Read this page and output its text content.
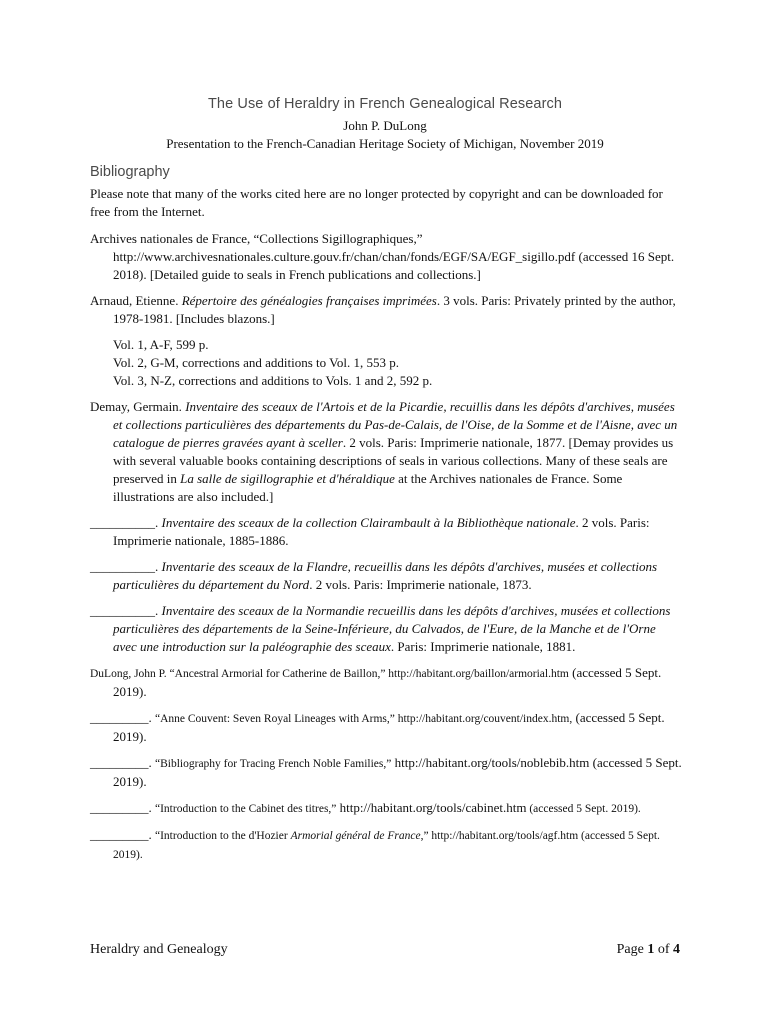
The Use of Heraldry in French Genealogical Research
John P. DuLong
Presentation to the French-Canadian Heritage Society of Michigan, November 2019
Bibliography

Please note that many of the works cited here are no longer protected by copyright and can be downloaded for free from the Internet.

Archives nationales de France, “Collections Sigillographiques,” http://www.archivesnationales.culture.gouv.fr/chan/chan/fonds/EGF/SA/EGF_sigillo.pdf (accessed 16 Sept. 2018). [Detailed guide to seals in French publications and collections.]

Arnaud, Etienne. Répertoire des généalogies françaises imprimées. 3 vols. Paris: Privately printed by the author, 1978-1981. [Includes blazons.]

Vol. 1, A-F, 599 p.
Vol. 2, G-M, corrections and additions to Vol. 1, 553 p.
Vol. 3, N-Z, corrections and additions to Vols. 1 and 2, 592 p.

Demay, Germain. Inventaire des sceaux de l'Artois et de la Picardie, recuillis dans les dépôts d'archives, musées et collections particulières des départements du Pas-de-Calais, de l'Oise, de la Somme et de l'Aisne, avec un catalogue de pierres gravées ayant à sceller. 2 vols. Paris: Imprimerie nationale, 1877. [Demay provides us with several valuable books containing descriptions of seals in various collections. Many of these seals are preserved in La salle de sigillographie et d'héraldique at the Archives nationales de France. Some illustrations are also included.]

__________. Inventaire des sceaux de la collection Clairambault à la Bibliothèque nationale. 2 vols. Paris: Imprimerie nationale, 1885-1886.

__________. Inventarie des sceaux de la Flandre, recueillis dans les dépôts d'archives, musées et collections particulières du département du Nord. 2 vols. Paris: Imprimerie nationale, 1873.

__________. Inventaire des sceaux de la Normandie recueillis dans les dépôts d'archives, musées et collections particulières des départements de la Seine-Inférieure, du Calvados, de l'Eure, de la Manche et de l'Orne avec une introduction sur la paléographie des sceaux. Paris: Imprimerie nationale, 1881.

DuLong, John P. “Ancestral Armorial for Catherine de Baillon,” http://habitant.org/baillon/armorial.htm (accessed 5 Sept. 2019).

_________. “Anne Couvent: Seven Royal Lineages with Arms,” http://habitant.org/couvent/index.htm, (accessed 5 Sept. 2019).

_________. “Bibliography for Tracing French Noble Families,” http://habitant.org/tools/noblebib.htm (accessed 5 Sept. 2019).

_________. “Introduction to the Cabinet des titres,” http://habitant.org/tools/cabinet.htm (accessed 5 Sept. 2019).

_________. “Introduction to the d'Hozier Armorial général de France,” http://habitant.org/tools/agf.htm (accessed 5 Sept. 2019).

Heraldry and Genealogy	Page 1 of 4
